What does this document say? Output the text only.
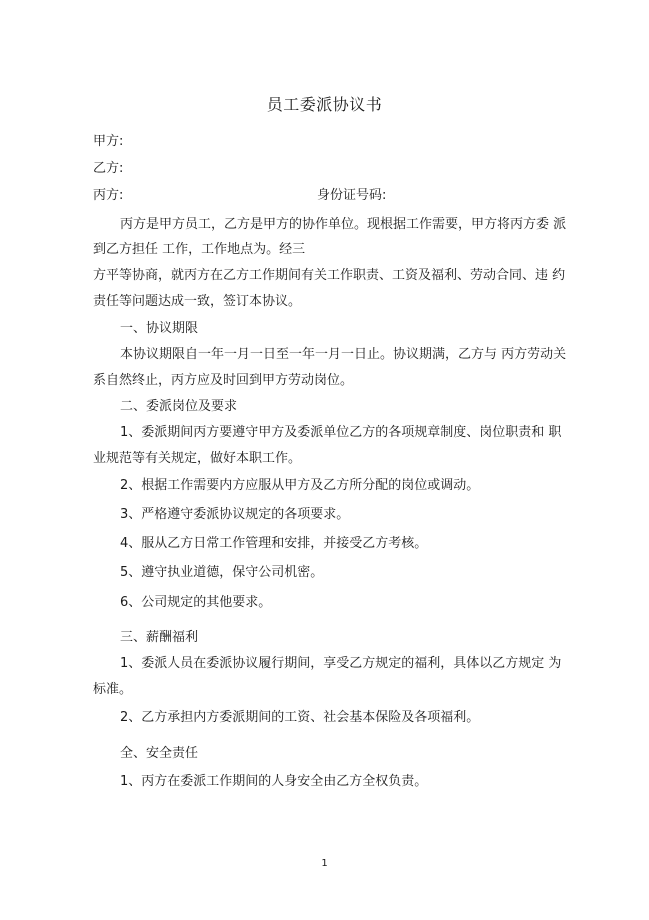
员工委派协议书
甲方:
乙方:
丙方:	身份证号码:
丙方是甲方员工，乙方是甲方的协作单位。现根据工作需要，甲方将丙方委 派
到乙方担任 工作，工作地点为。经三
方平等协商，就丙方在乙方工作期间有关工作职责、工资及福利、劳动合同、违 约
责任等问题达成一致，签订本协议。
一、协议期限
本协议期限自一年一月一日至一年一月一日止。协议期满，乙方与 丙方劳动关
系自然终止，丙方应及时回到甲方劳动岗位。
二、委派岗位及要求
1、委派期间丙方要遵守甲方及委派单位乙方的各项规章制度、岗位职责和 职
业规范等有关规定，做好本职工作。
2、根据工作需要内方应服从甲方及乙方所分配的岗位或调动。
3、严格遵守委派协议规定的各项要求。
4、服从乙方日常工作管理和安排，并接受乙方考核。
5、遵守执业道德，保守公司机密。
6、公司规定的其他要求。
三、薪酬福利
1、委派人员在委派协议履行期间，享受乙方规定的福利，具体以乙方规定 为
标准。
2、乙方承担内方委派期间的工资、社会基本保险及各项福利。
全、安全责任
1、丙方在委派工作期间的人身安全由乙方全权负责。
1
